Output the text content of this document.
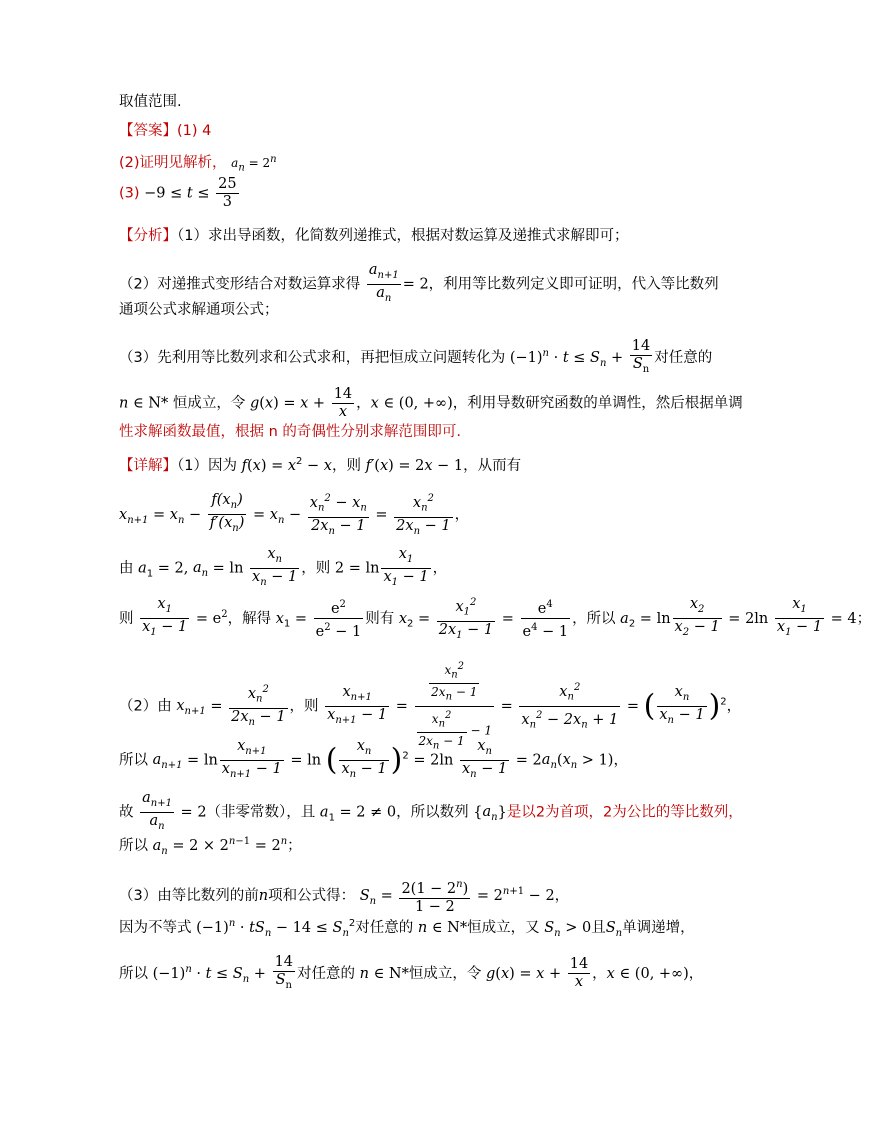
取值范围.
【答案】(1) 4
(2)证明见解析， $a_n = 2^n$
$(3) -9 \le t \le \frac{25}{3}$
【分析】（1）求出导函数，化简数列递推式，根据对数运算及递推式求解即可；
（2）对递推式变形结合对数运算求得 $\frac{a_{n+1}}{a_n} = 2$，利用等比数列定义即可证明，代入等比数列
通项公式求解通项公式；
（3）先利用等比数列求和公式求和，再把恒成立问题转化为 $(-1)^n \cdot t \le S_n + \frac{14}{S_n}$ 对任意的
n ∈ N* 恒成立，令 $g(x) = x + \frac{14}{x}$ ，x ∈ (0, +∞)，利用导数研究函数的单调性，然后根据单调
性求解函数最值，根据 n 的奇偶性分别求解范围即可.
【详解】（1）因为 $f(x) = x^2 - x$，则 f′(x) = 2x − 1，从而有
$x_{n+1} = x_n - \frac{f(x_n)}{f'(x_n)} = x_n - \frac{x_n^2 - x_n}{2x_n - 1} = \frac{x_n^2}{2x_n - 1}$ ，
由 $a_1 = 2$, $a_n = \ln \frac{x_n}{x_n - 1}$ ，则 $2 = \ln \frac{x_1}{x_1 - 1}$ ，
则 $\frac{x_1}{x_1 - 1} = e^2$，解得 $x_1 = \frac{e^2}{e^2 - 1}$ 则有 $x_2 = \frac{x_1^2}{2x_1 - 1} = \frac{e^4}{e^4 - 1}$ ，所以 $a_2 = \ln \frac{x_2}{x_2 - 1} = 2\ln \frac{x_1}{x_1 - 1} = 4$；
（2）由 $x_{n+1} = \frac{x_n^2}{2x_n - 1}$ ，则 $\frac{x_{n+1}}{x_{n+1} - 1} = \frac{\frac{x_n^2}{2x_n - 1}}{\frac{x_n^2}{2x_n - 1} - 1} = \frac{x_n^2}{x_n^2 - 2x_n + 1}$ = ( $\frac{x_n}{x_n - 1} )^2$，
所以 $a_{n+1} = \ln \frac{x_{n+1}}{x_{n+1} - 1} = \ln$ ( $\frac{x_n}{x_n - 1} )^2 = 2\ln \frac{x_n}{x_n - 1} = 2a_n(x_n > 1)$，
故 $\frac{a_{n+1}}{a_n} = 2$（非零常数），且 $a_1 = 2 \ne 0$，所以数列 $\{a_n\}$是以2为首项，2为公比的等比数列，
所以 $a_n = 2 \times 2^{n-1} = 2^n$；
（3）由等比数列的前n项和公式得： $S_n = \frac{2(1 - 2^n)}{1 - 2} = 2^{n+1} - 2$，
因为不等式 $(-1)^n \cdot tS_n - 14 \le S_n^2$对任意的 n ∈ N*恒成立，又 $S_n > 0$且$S_n$单调递增，
所以 $(-1)^n \cdot t \le S_n + \frac{14}{S_n}$ 对任意的 n ∈ N*恒成立，令 $g(x) = x + \frac{14}{x}$ ，x ∈ (0, +∞)，
